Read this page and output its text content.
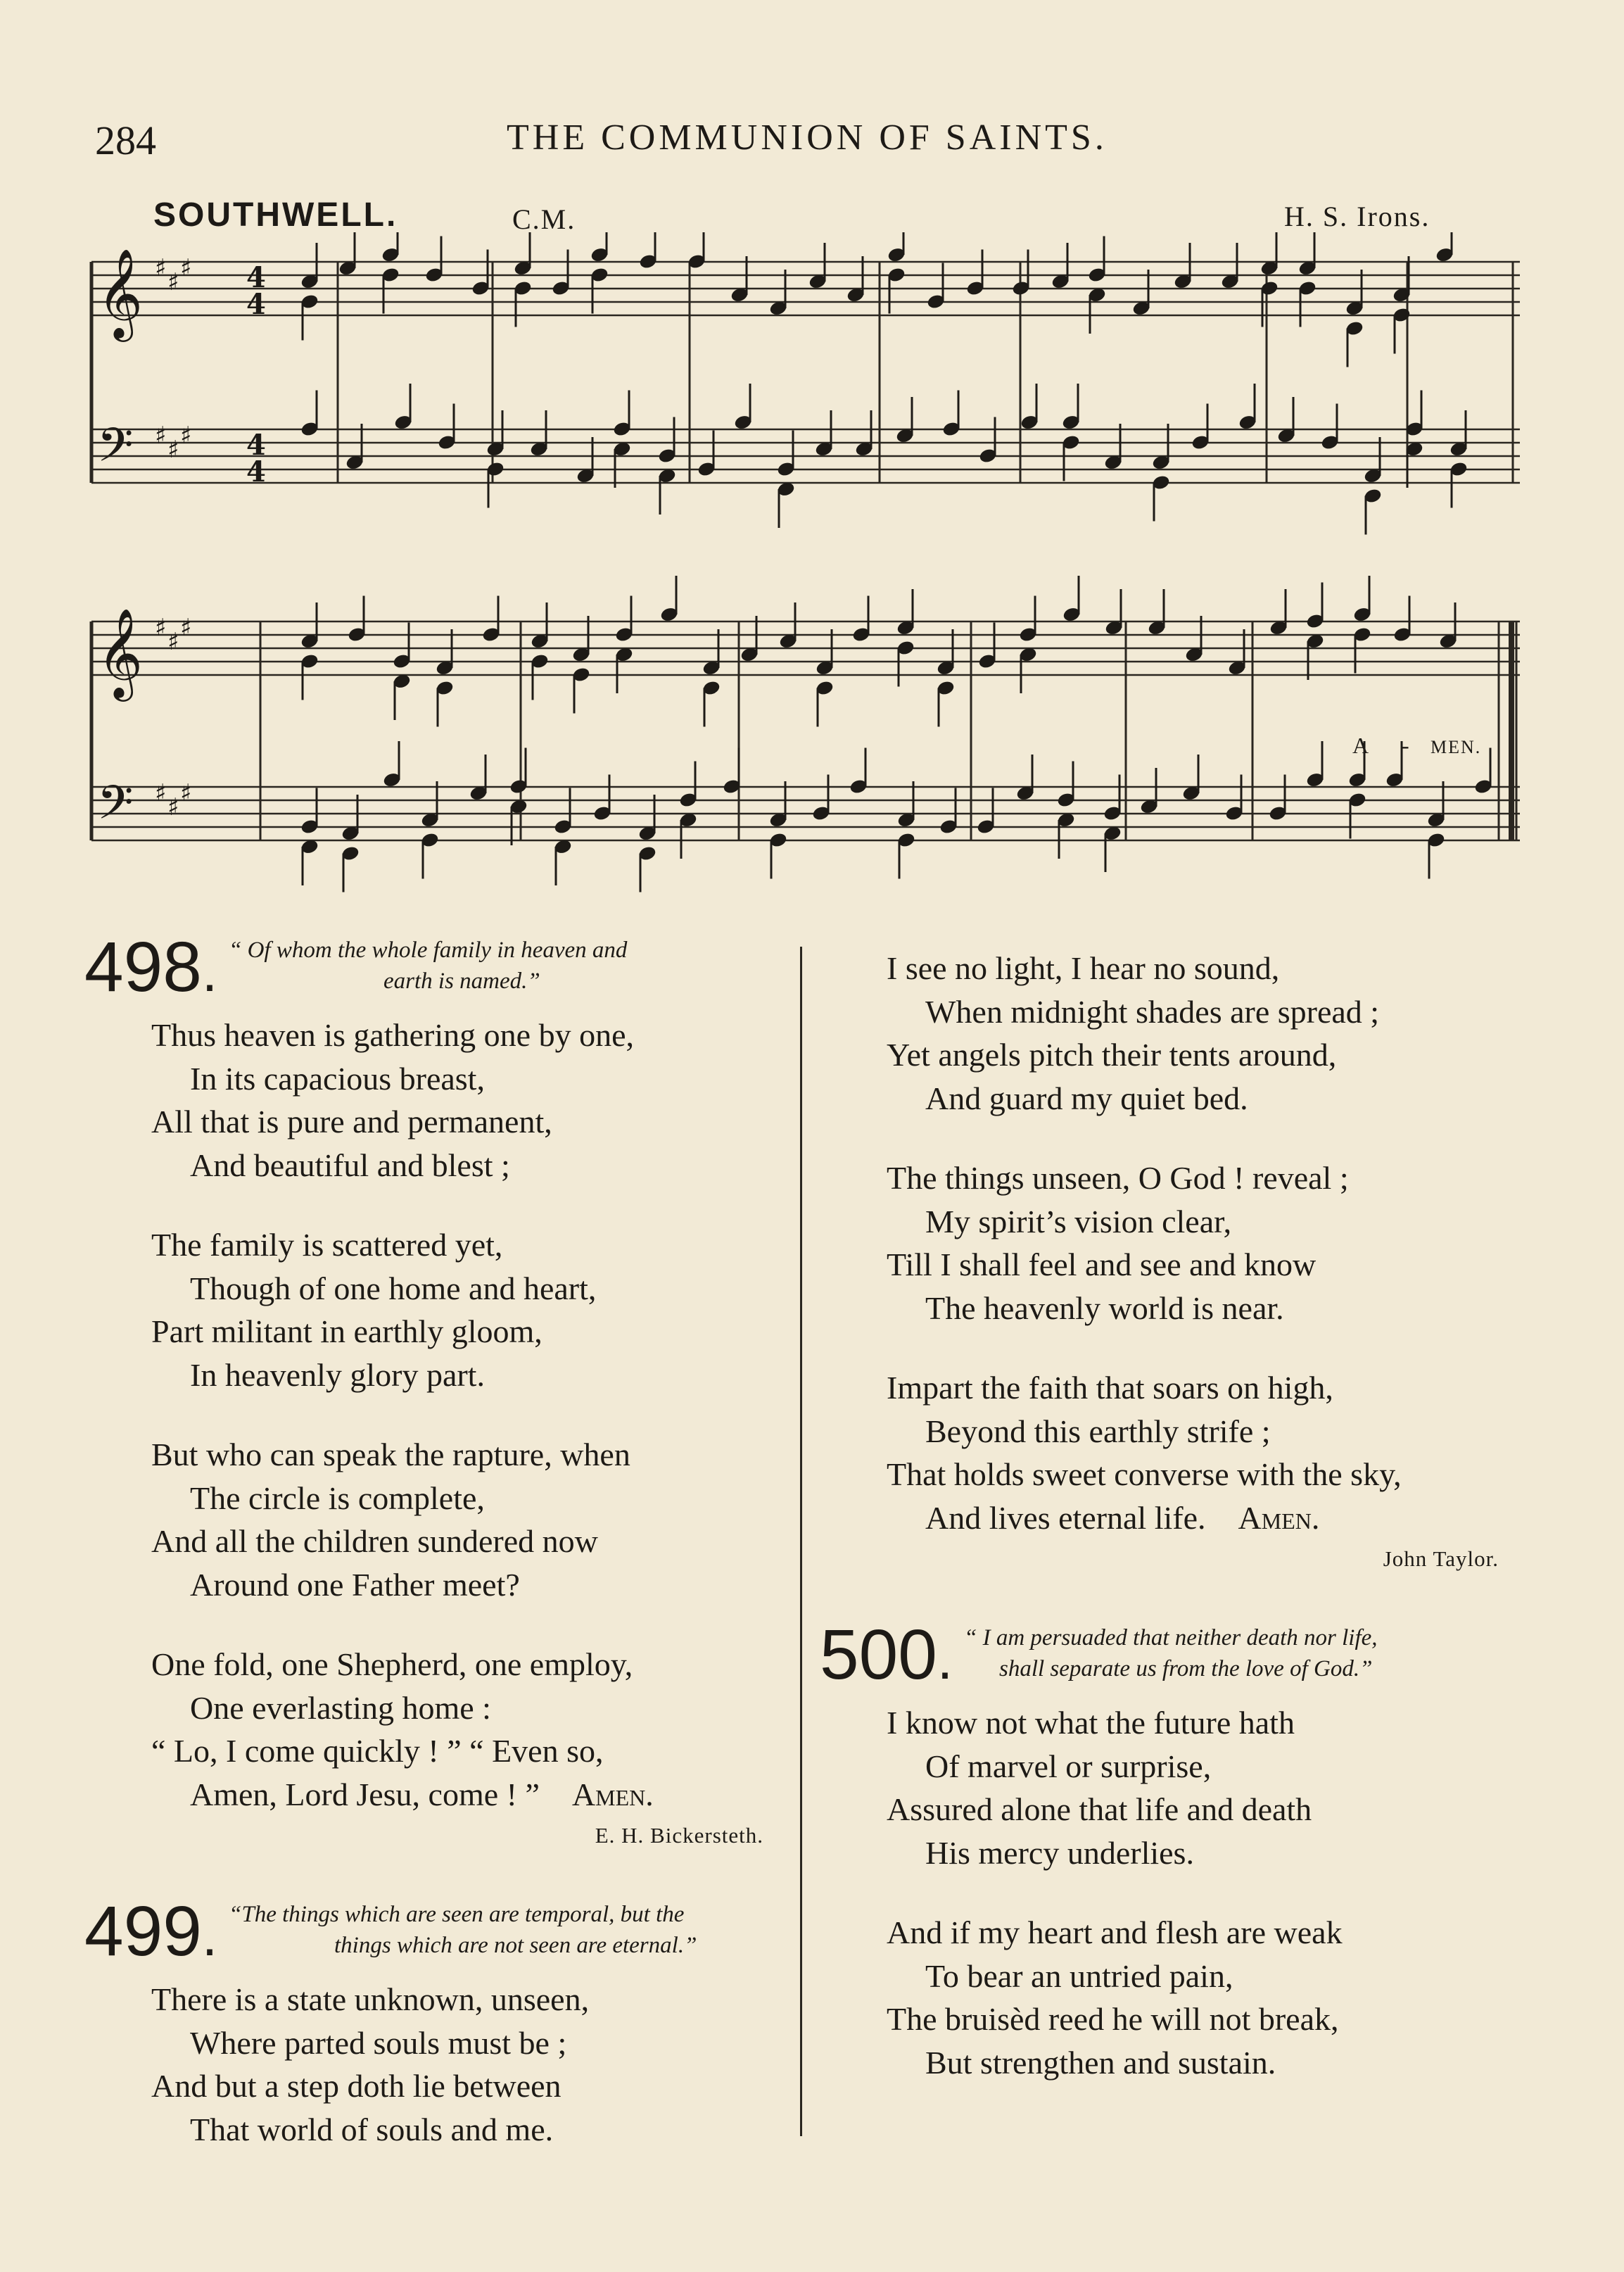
284	THE COMMUNION OF SAINTS.
SOUTHWELL.	C.M.	H. S. Irons.
𝄞 ♯ ♯ ♯
𝄢 ♯ ♯ ♯
𝄞 ♯ ♯ ♯
𝄢 ♯ ♯ ♯
4
4
4
4
A - MEN.
498. “ Of whom the whole family in heaven and
earth is named.”
Thus heaven is gathering one by one,
In its capacious breast,
All that is pure and permanent,
And beautiful and blest ;
The family is scattered yet,
Though of one home and heart,
Part militant in earthly gloom,
In heavenly glory part.
But who can speak the rapture, when
The circle is complete,
And all the children sundered now
Around one Father meet?
One fold, one Shepherd, one employ,
One everlasting home :
“ Lo, I come quickly ! ” “ Even so,
Amen, Lord Jesu, come ! ” Amen.
E. H. Bickersteth.
499. “The things which are seen are temporal, but the
things which are not seen are eternal.”
There is a state unknown, unseen,
Where parted souls must be ;
And but a step doth lie between
That world of souls and me.
I see no light, I hear no sound,
When midnight shades are spread ;
Yet angels pitch their tents around,
And guard my quiet bed.
The things unseen, O God ! reveal ;
My spirit’s vision clear,
Till I shall feel and see and know
The heavenly world is near.
Impart the faith that soars on high,
Beyond this earthly strife ;
That holds sweet converse with the sky,
And lives eternal life. Amen.
John Taylor.
500. “ I am persuaded that neither death nor life,
shall separate us from the love of God.”
I know not what the future hath
Of marvel or surprise,
Assured alone that life and death
His mercy underlies.
And if my heart and flesh are weak
To bear an untried pain,
The bruisèd reed he will not break,
But strengthen and sustain.
